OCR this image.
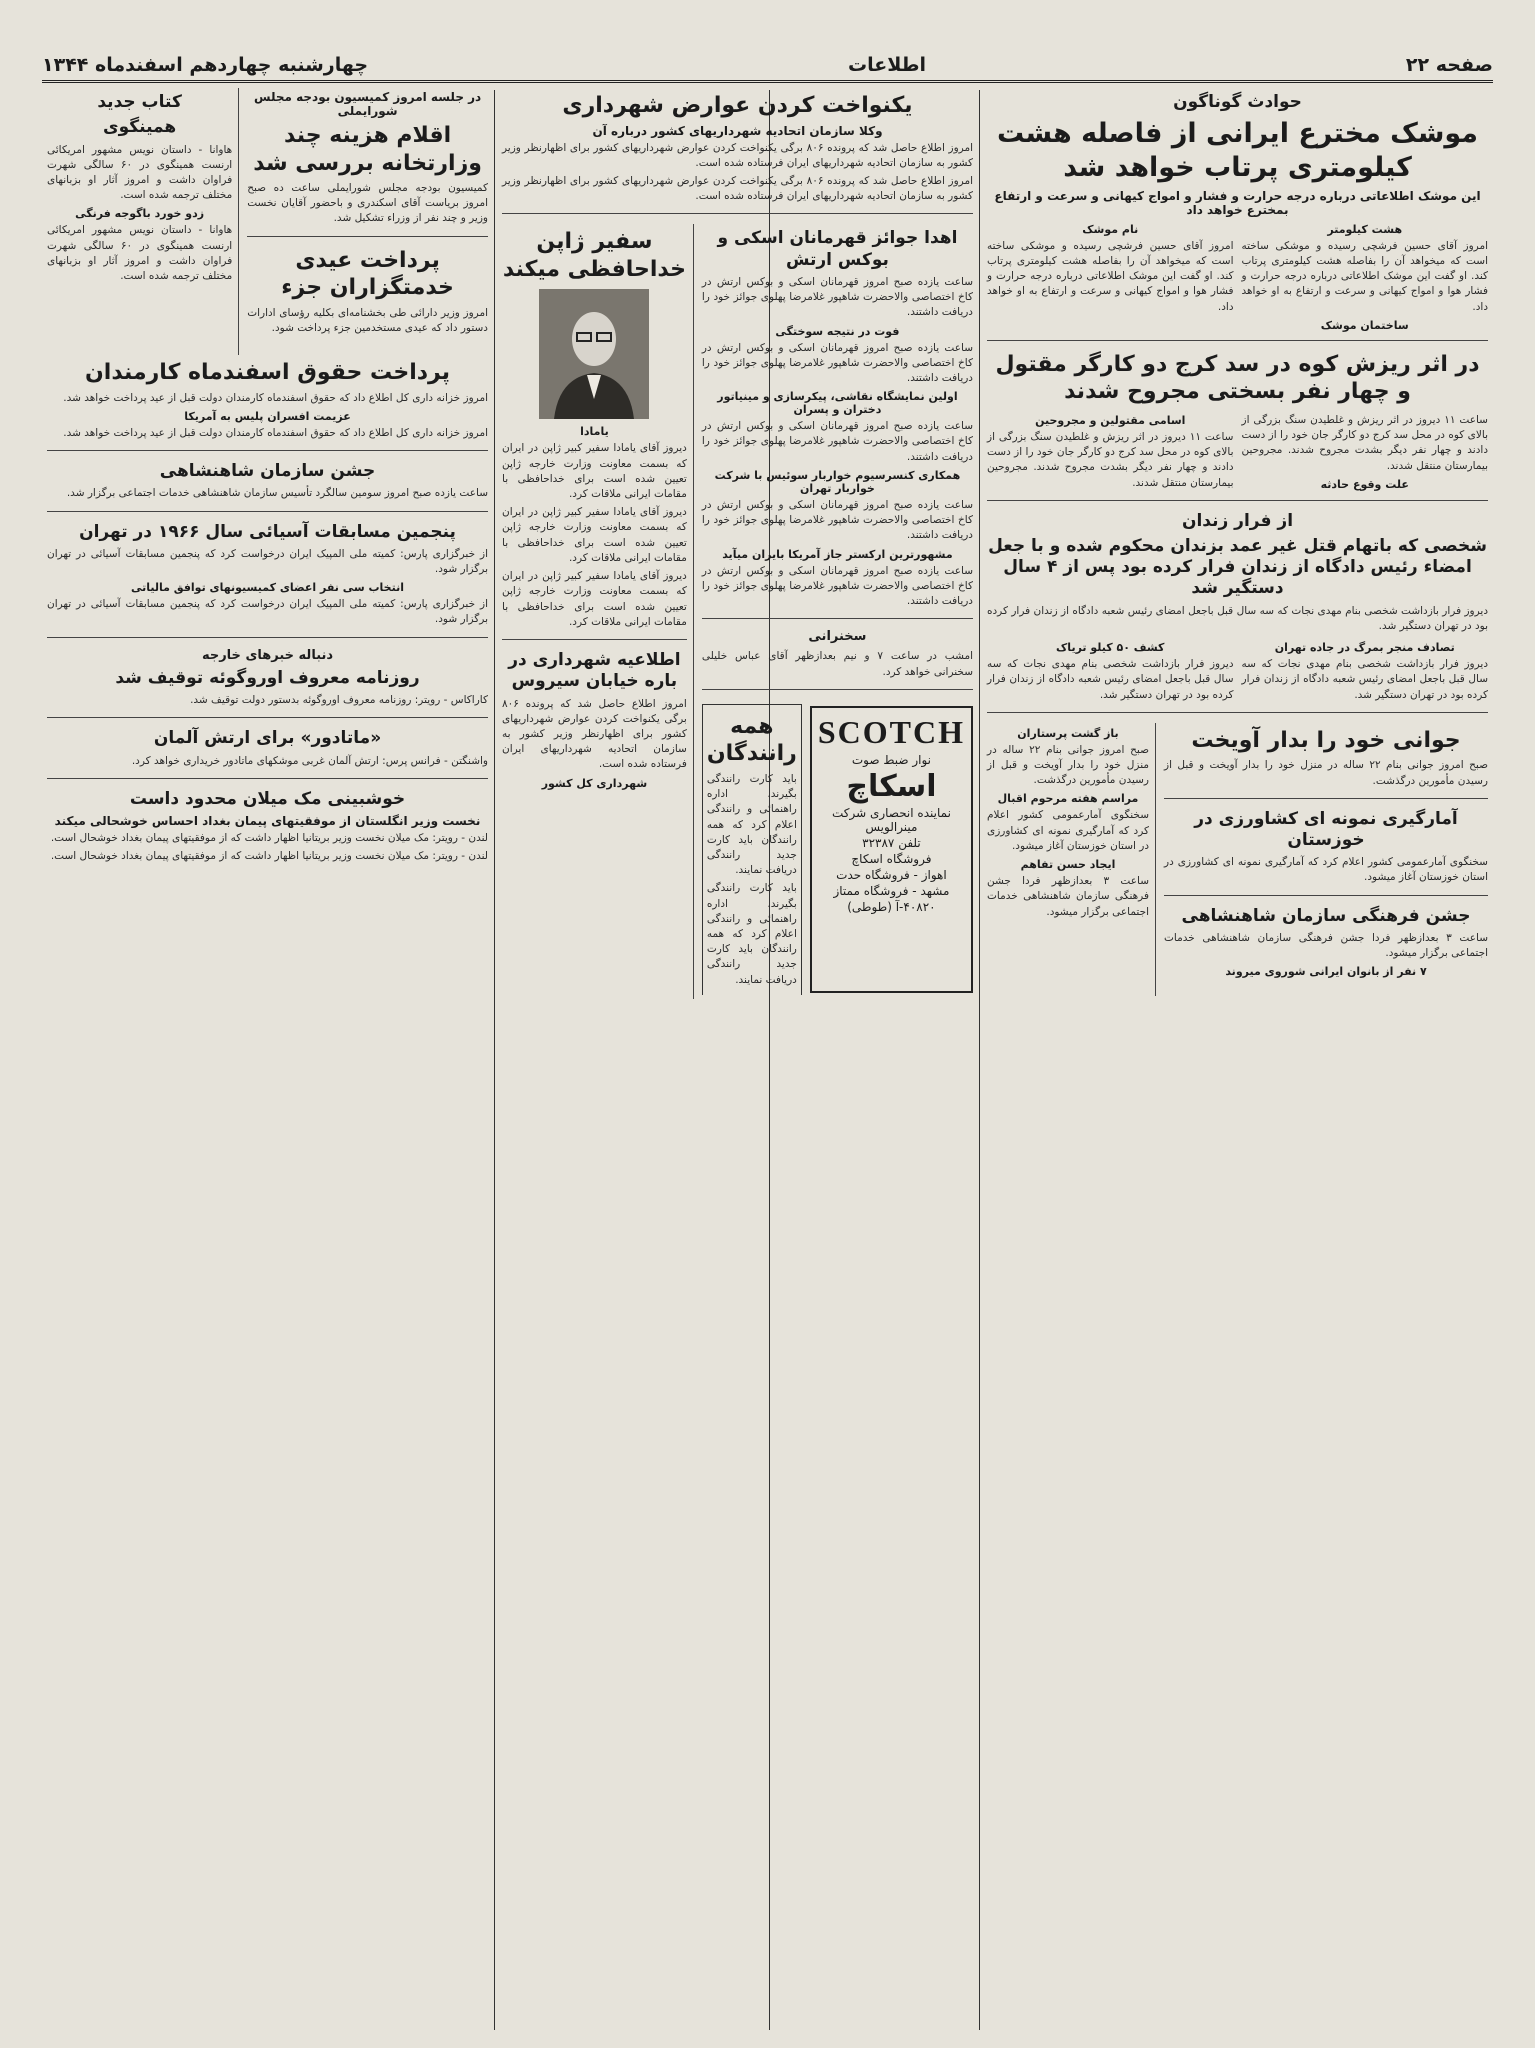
صفحه ۲۲
اطلاعات
چهارشنبه چهاردهم اسفندماه ۱۳۴۴
حوادث گوناگون
موشک مخترع ایرانی از فاصله هشت کیلومتری پرتاب خواهد شد
این موشک اطلاعاتی درباره درجه حرارت و فشار و امواج کیهانی و سرعت و ارتفاع بمخترع خواهد داد
هشت کیلومتر

امروز آقای حسین فرشچی رسیده و موشکی ساخته است که میخواهد آن را بفاصله هشت کیلومتری پرتاب کند. او گفت این موشک اطلاعاتی درباره درجه حرارت و فشار هوا و امواج کیهانی و سرعت و ارتفاع به او خواهد داد.

ساختمان موشک
نام موشک

امروز آقای حسین فرشچی رسیده و موشکی ساخته است که میخواهد آن را بفاصله هشت کیلومتری پرتاب کند. او گفت این موشک اطلاعاتی درباره درجه حرارت و فشار هوا و امواج کیهانی و سرعت و ارتفاع به او خواهد داد.

در اثر ریزش کوه در سد کرج دو کارگر مقتول و چهار نفر بسختی مجروح شدند

ساعت ۱۱ دیروز در اثر ریزش و غلطیدن سنگ بزرگی از بالای کوه در محل سد کرج دو کارگر جان خود را از دست دادند و چهار نفر دیگر بشدت مجروح شدند. مجروحین بیمارستان منتقل شدند.

علت وقوع حادثه
اسامی مقتولین و مجروحین

ساعت ۱۱ دیروز در اثر ریزش و غلطیدن سنگ بزرگی از بالای کوه در محل سد کرج دو کارگر جان خود را از دست دادند و چهار نفر دیگر بشدت مجروح شدند. مجروحین بیمارستان منتقل شدند.

از فرار زندان
شخصی که باتهام قتل غیر عمد بزندان محکوم شده و با جعل امضاء رئیس دادگاه از زندان فرار کرده بود پس از ۴ سال دستگیر شد

دیروز فرار بازداشت شخصی بنام مهدی نجات که سه سال قبل باجعل امضای رئیس شعبه دادگاه از زندان فرار کرده بود در تهران دستگیر شد.

تصادف منجر بمرگ در جاده تهران

دیروز فرار بازداشت شخصی بنام مهدی نجات که سه سال قبل باجعل امضای رئیس شعبه دادگاه از زندان فرار کرده بود در تهران دستگیر شد.

کشف ۵۰ کیلو تریاک

دیروز فرار بازداشت شخصی بنام مهدی نجات که سه سال قبل باجعل امضای رئیس شعبه دادگاه از زندان فرار کرده بود در تهران دستگیر شد.

جوانی خود را بدار آویخت

صبح امروز جوانی بنام ۲۲ ساله در منزل خود را بدار آویخت و قبل از رسیدن مأمورین درگذشت.

آمارگیری نمونه ای کشاورزی در خوزستان

سخنگوی آمارعمومی کشور اعلام کرد که آمارگیری نمونه ای کشاورزی در استان خوزستان آغاز میشود.

جشن فرهنگی سازمان شاهنشاهی

ساعت ۳ بعدازظهر فردا جشن فرهنگی سازمان شاهنشاهی خدمات اجتماعی برگزار میشود.

۷ نفر از بانوان ایرانی شوروی میروند
باز گشت پرستاران

صبح امروز جوانی بنام ۲۲ ساله در منزل خود را بدار آویخت و قبل از رسیدن مأمورین درگذشت.

مراسم هفته مرحوم اقبال

سخنگوی آمارعمومی کشور اعلام کرد که آمارگیری نمونه ای کشاورزی در استان خوزستان آغاز میشود.

ایجاد حسن تفاهم

ساعت ۳ بعدازظهر فردا جشن فرهنگی سازمان شاهنشاهی خدمات اجتماعی برگزار میشود.

یکنواخت کردن عوارض شهرداری
وکلا سازمان اتحادیه شهرداریهای کشور درباره آن

امروز اطلاع حاصل شد که پرونده ۸۰۶ برگی یکنواخت کردن عوارض شهرداریهای کشور برای اظهارنظر وزیر کشور به سازمان اتحادیه شهرداریهای ایران فرستاده شده است.

امروز اطلاع حاصل شد که پرونده ۸۰۶ برگی یکنواخت کردن عوارض شهرداریهای کشور برای اظهارنظر وزیر کشور به سازمان اتحادیه شهرداریهای ایران فرستاده شده است.

اهدا جوائز قهرمانان اسکی و بوکس ارتش

ساعت یازده صبح امروز قهرمانان اسکی و بوکس ارتش در کاخ اختصاصی والاحضرت شاهپور غلامرضا پهلوی جوائز خود را دریافت داشتند.

فوت در نتیجه سوختگی

ساعت یازده صبح امروز قهرمانان اسکی و بوکس ارتش در کاخ اختصاصی والاحضرت شاهپور غلامرضا پهلوی جوائز خود را دریافت داشتند.

اولین نمایشگاه نقاشی، پیکرسازی و مینیاتور دختران و پسران

ساعت یازده صبح امروز قهرمانان اسکی و بوکس ارتش در کاخ اختصاصی والاحضرت شاهپور غلامرضا پهلوی جوائز خود را دریافت داشتند.

همکاری کنسرسیوم خواربار سوئیس با شرکت خواربار تهران

ساعت یازده صبح امروز قهرمانان اسکی و بوکس ارتش در کاخ اختصاصی والاحضرت شاهپور غلامرضا پهلوی جوائز خود را دریافت داشتند.

مشهورترین ارکستر جاز آمریکا بایران میآید

ساعت یازده صبح امروز قهرمانان اسکی و بوکس ارتش در کاخ اختصاصی والاحضرت شاهپور غلامرضا پهلوی جوائز خود را دریافت داشتند.

سخنرانی

امشب در ساعت ۷ و نیم بعدازظهر آقای عباس خلیلی سخنرانی خواهد کرد.

SCOTCH
نوار ضبط صوت
اسکاچ
نماینده انحصاری شرکت مینرالویس
تلفن ۳۲۳۸۷
فروشگاه اسکاچ
اهواز - فروشگاه حدت
مشهد - فروشگاه ممتاز
۴۰۸۲۰-آ (طوطی)
همه رانندگان

باید کارت رانندگی بگیرند. اداره راهنمائی و رانندگی اعلام کرد که همه رانندگان باید کارت جدید رانندگی دریافت نمایند.

باید کارت رانندگی بگیرند. اداره راهنمائی و رانندگی اعلام کرد که همه رانندگان باید کارت جدید رانندگی دریافت نمایند.

سفیر ژاپن خداحافظی میکند
یامادا

دیروز آقای یامادا سفیر کبیر ژاپن در ایران که بسمت معاونت وزارت خارجه ژاپن تعیین شده است برای خداحافظی با مقامات ایرانی ملاقات کرد.

دیروز آقای یامادا سفیر کبیر ژاپن در ایران که بسمت معاونت وزارت خارجه ژاپن تعیین شده است برای خداحافظی با مقامات ایرانی ملاقات کرد.

دیروز آقای یامادا سفیر کبیر ژاپن در ایران که بسمت معاونت وزارت خارجه ژاپن تعیین شده است برای خداحافظی با مقامات ایرانی ملاقات کرد.

اطلاعیه شهرداری در باره خیابان سیروس

امروز اطلاع حاصل شد که پرونده ۸۰۶ برگی یکنواخت کردن عوارض شهرداریهای کشور برای اظهارنظر وزیر کشور به سازمان اتحادیه شهرداریهای ایران فرستاده شده است.

شهرداری کل کشور
در جلسه امروز کمیسیون بودجه مجلس شورایملی
اقلام هزینه چند وزارتخانه بررسی شد

کمیسیون بودجه مجلس شورایملی ساعت ده صبح امروز بریاست آقای اسکندری و باحضور آقایان نخست وزیر و چند نفر از وزراء تشکیل شد.

پرداخت عیدی خدمتگزاران جزء

امروز وزیر دارائی طی بخشنامه‌ای بکلیه رؤسای ادارات دستور داد که عیدی مستخدمین جزء پرداخت شود.

کتاب جدید
همینگوی

هاوانا - داستان نویس مشهور امریکائی ارنست همینگوی در ۶۰ سالگی شهرت فراوان داشت و امروز آثار او بزبانهای مختلف ترجمه شده است.

زدو خورد باگوجه فرنگی

هاوانا - داستان نویس مشهور امریکائی ارنست همینگوی در ۶۰ سالگی شهرت فراوان داشت و امروز آثار او بزبانهای مختلف ترجمه شده است.

پرداخت حقوق اسفندماه کارمندان

امروز خزانه داری کل اطلاع داد که حقوق اسفندماه کارمندان دولت قبل از عید پرداخت خواهد شد.

عزیمت افسران پلیس به آمریکا

امروز خزانه داری کل اطلاع داد که حقوق اسفندماه کارمندان دولت قبل از عید پرداخت خواهد شد.

جشن سازمان شاهنشاهی

ساعت یازده صبح امروز سومین سالگرد تأسیس سازمان شاهنشاهی خدمات اجتماعی برگزار شد.

پنجمین مسابقات آسیائی سال ۱۹۶۶ در تهران

از خبرگزاری پارس: کمیته ملی المپیک ایران درخواست کرد که پنجمین مسابقات آسیائی در تهران برگزار شود.

انتخاب سی نفر اعضای کمیسیونهای توافق مالیاتی

از خبرگزاری پارس: کمیته ملی المپیک ایران درخواست کرد که پنجمین مسابقات آسیائی در تهران برگزار شود.

دنباله خبرهای خارجه
روزنامه معروف اوروگوئه توقیف شد

کاراکاس - رویتر: روزنامه معروف اوروگوئه بدستور دولت توقیف شد.

«ماتادور» برای ارتش آلمان

واشنگتن - فرانس پرس: ارتش آلمان غربی موشکهای ماتادور خریداری خواهد کرد.

خوشبینی مک میلان محدود داست
نخست وزیر انگلستان از موفقیتهای پیمان بغداد احساس خوشحالی میکند

لندن - رویتر: مک میلان نخست وزیر بریتانیا اظهار داشت که از موفقیتهای پیمان بغداد خوشحال است.

لندن - رویتر: مک میلان نخست وزیر بریتانیا اظهار داشت که از موفقیتهای پیمان بغداد خوشحال است.
